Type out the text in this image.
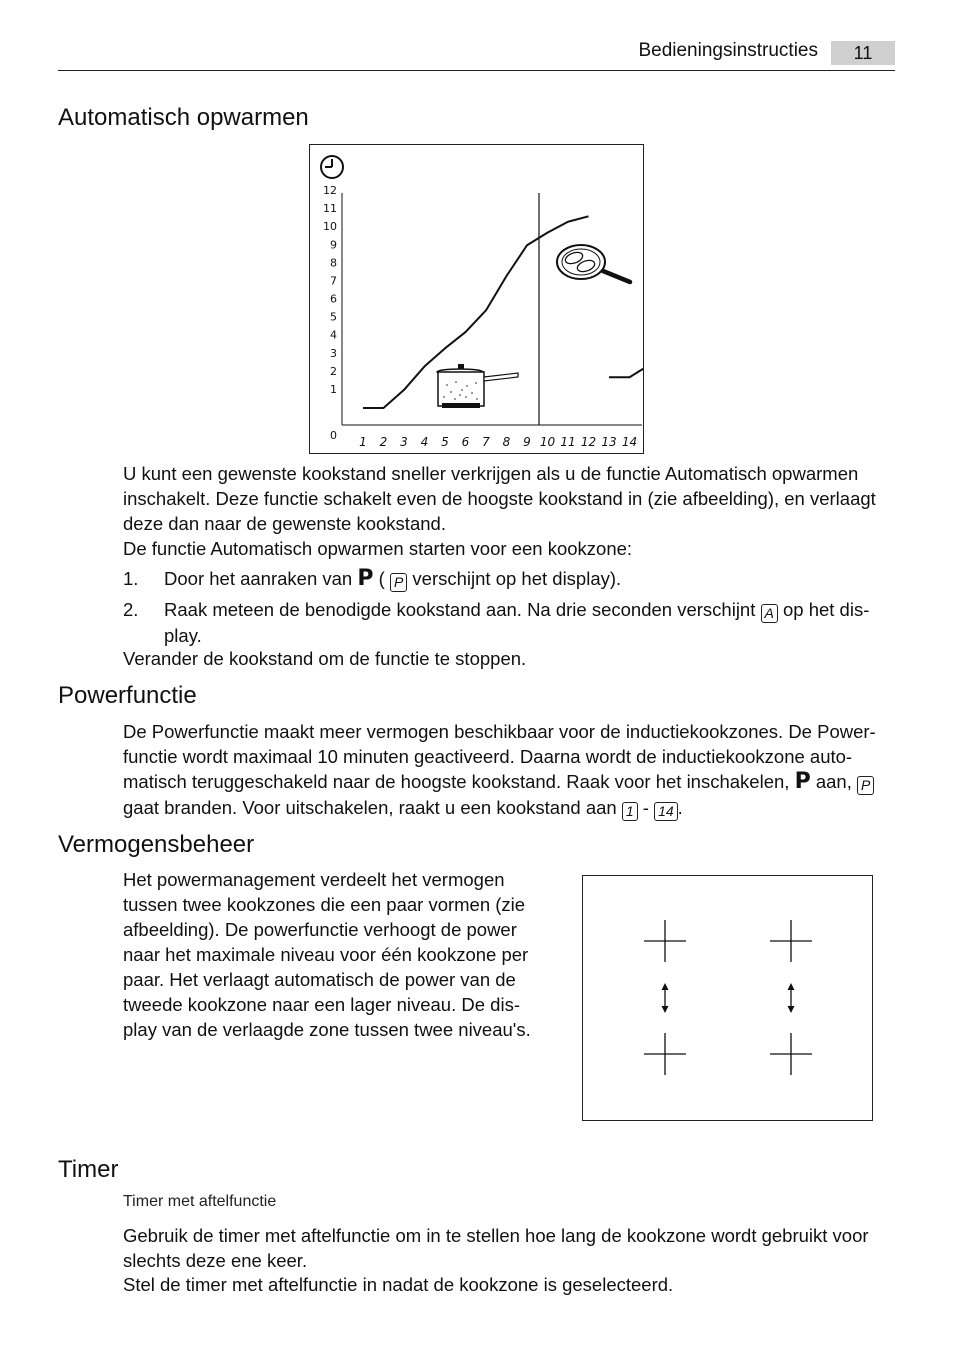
Bedieningsinstructies	11
Automatisch opwarmen
0
1
2
3
4
5
6
7
8
9
10
11
12
1 2 3 4 5 6 7 8 9 10 11 12 13 14

U kunt een gewenste kookstand sneller verkrijgen als u de functie Automatisch opwarmen inschakelt. Deze functie schakelt even de hoogste kookstand in (zie afbeelding), en verlaagt deze dan naar de gewenste kookstand.

De functie Automatisch opwarmen starten voor een kookzone:

1. Door het aanraken van P ( P verschijnt op het display).
2. Raak meteen de benodigde kookstand aan. Na drie seconden verschijnt A op het dis-play.

Verander de kookstand om de functie te stoppen.

Powerfunctie

De Powerfunctie maakt meer vermogen beschikbaar voor de inductiekookzones. De Power-functie wordt maximaal 10 minuten geactiveerd. Daarna wordt de inductiekookzone auto-matisch teruggeschakeld naar de hoogste kookstand. Raak voor het inschakelen, P aan, P gaat branden. Voor uitschakelen, raakt u een kookstand aan 1 - 14 .

Vermogensbeheer

Het powermanagement verdeelt het vermogen tussen twee kookzones die een paar vormen (zie afbeelding). De powerfunctie verhoogt de power naar het maximale niveau voor één kookzone per paar. Het verlaagt automatisch de power van de tweede kookzone naar een lager niveau. De dis-play van de verlaagde zone tussen twee niveau's.

Timer
Timer met aftelfunctie

Gebruik de timer met aftelfunctie om in te stellen hoe lang de kookzone wordt gebruikt voor slechts deze ene keer.

Stel de timer met aftelfunctie in nadat de kookzone is geselecteerd.
